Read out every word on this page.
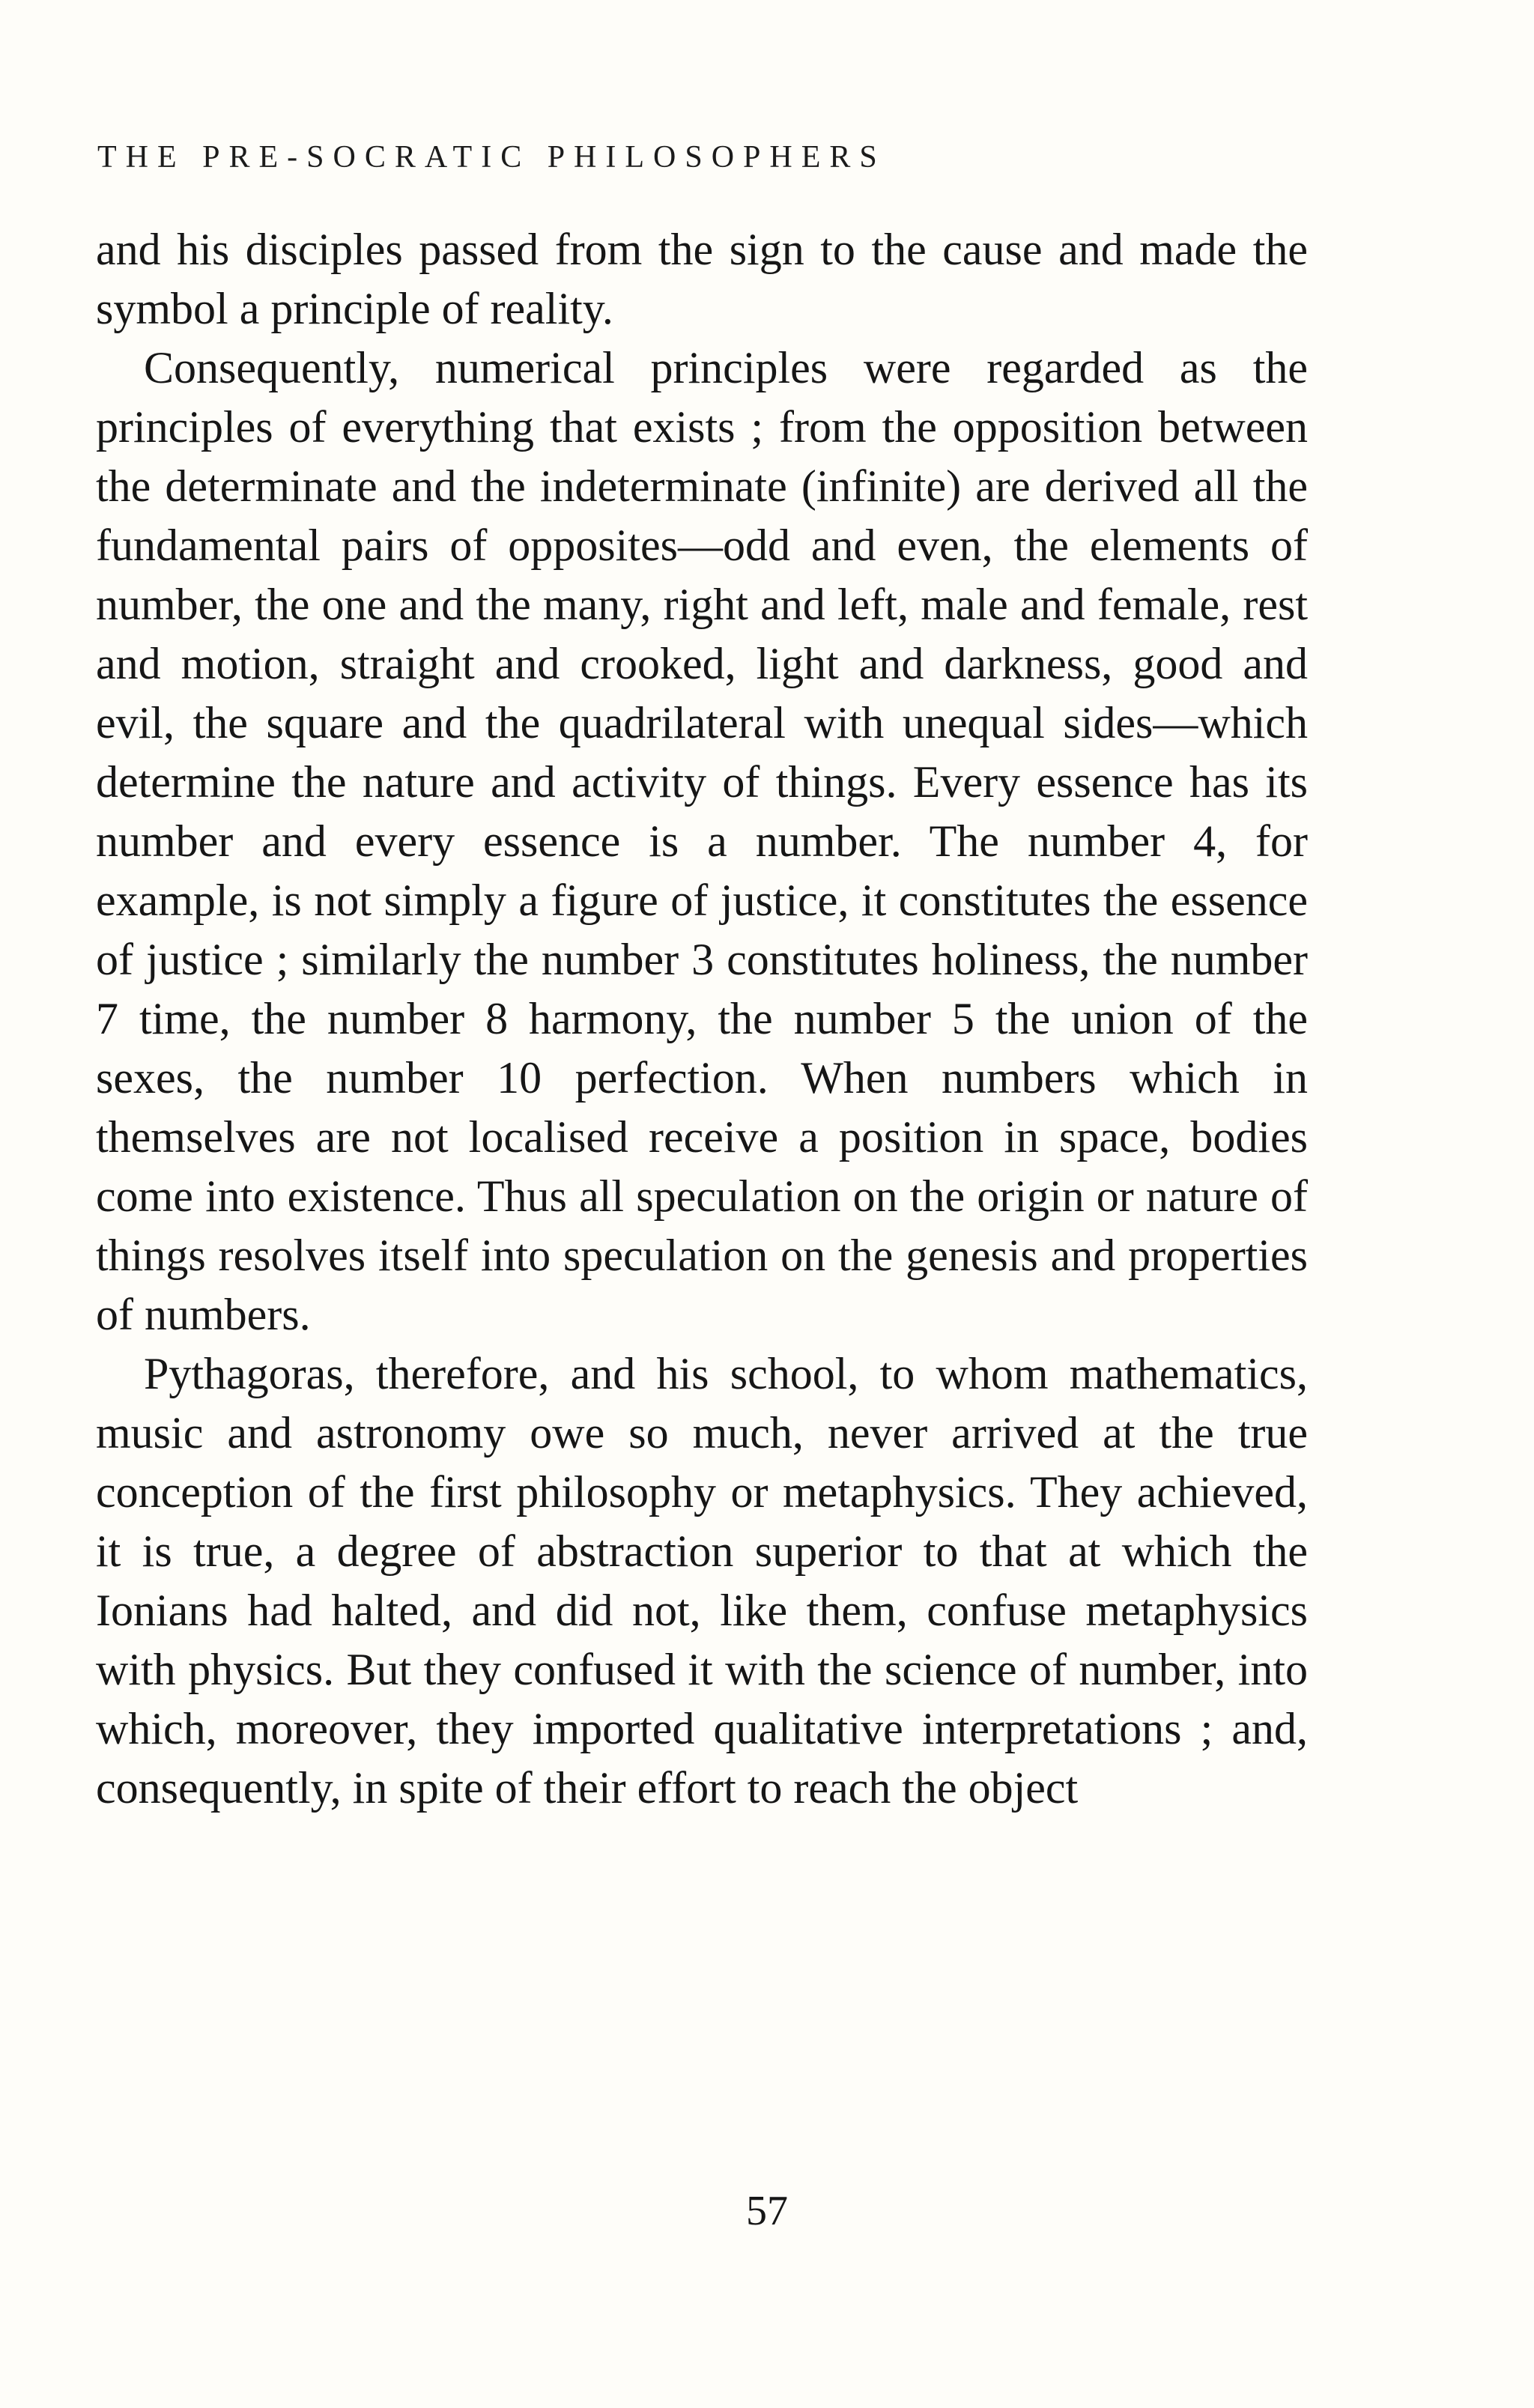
THE PRE-SOCRATIC PHILOSOPHERS

and his disciples passed from the sign to the cause and made the symbol a principle of reality.

Consequently, numerical principles were regarded as the principles of everything that exists ; from the opposition between the determinate and the indeterminate (infinite) are derived all the fundamental pairs of opposites—odd and even, the elements of number, the one and the many, right and left, male and female, rest and motion, straight and crooked, light and darkness, good and evil, the square and the quadrilateral with unequal sides—which determine the nature and activity of things. Every essence has its number and every essence is a number. The number 4, for example, is not simply a figure of justice, it constitutes the essence of justice ; similarly the number 3 constitutes holiness, the number 7 time, the number 8 harmony, the number 5 the union of the sexes, the number 10 perfection. When numbers which in themselves are not localised receive a position in space, bodies come into existence. Thus all speculation on the origin or nature of things resolves itself into speculation on the genesis and properties of numbers.

Pythagoras, therefore, and his school, to whom mathematics, music and astronomy owe so much, never arrived at the true conception of the first philosophy or metaphysics. They achieved, it is true, a degree of abstraction superior to that at which the Ionians had halted, and did not, like them, confuse metaphysics with physics. But they confused it with the science of number, into which, moreover, they imported qualitative interpretations ; and, consequently, in spite of their effort to reach the object

57
